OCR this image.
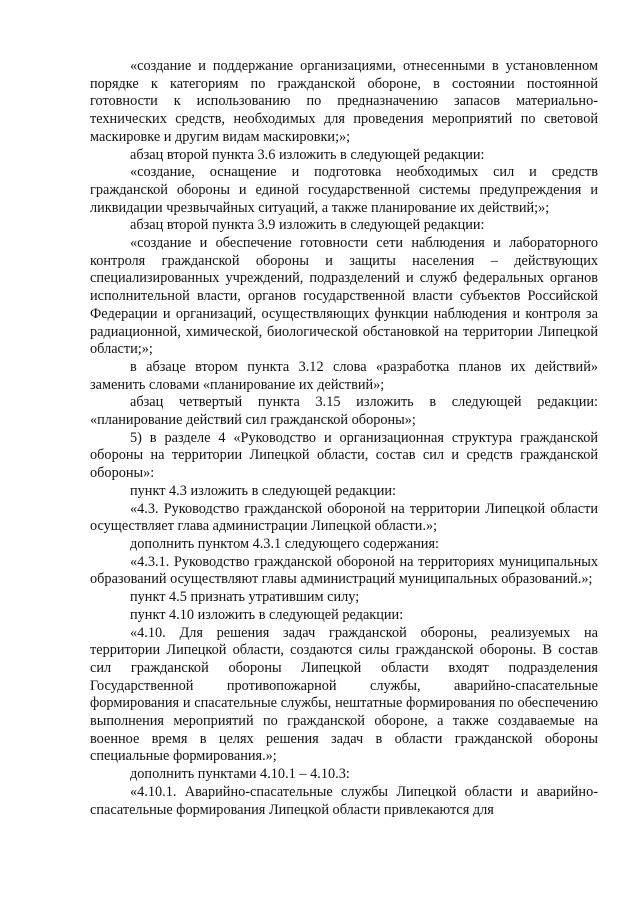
«создание и поддержание организациями, отнесенными в установленном порядке к категориям по гражданской обороне, в состоянии постоянной готовности к использованию по предназначению запасов материально-технических средств, необходимых для проведения мероприятий по световой маскировке и другим видам маскировки;»;

абзац второй пункта 3.6 изложить в следующей редакции:

«создание, оснащение и подготовка необходимых сил и средств гражданской обороны и единой государственной системы предупреждения и ликвидации чрезвычайных ситуаций, а также планирование их действий;»;

абзац второй пункта 3.9 изложить в следующей редакции:

«создание и обеспечение готовности сети наблюдения и лабораторного контроля гражданской обороны и защиты населения – действующих специализированных учреждений, подразделений и служб федеральных органов исполнительной власти, органов государственной власти субъектов Российской Федерации и организаций, осуществляющих функции наблюдения и контроля за радиационной, химической, биологической обстановкой на территории Липецкой области;»;

в абзаце втором пункта 3.12 слова «разработка планов их действий» заменить словами «планирование их действий»;

абзац четвертый пункта 3.15 изложить в следующей редакции: «планирование действий сил гражданской обороны»;

5) в разделе 4 «Руководство и организационная структура гражданской обороны на территории Липецкой области, состав сил и средств гражданской обороны»:

пункт 4.3 изложить в следующей редакции:

«4.3. Руководство гражданской обороной на территории Липецкой области осуществляет глава администрации Липецкой области.»;

дополнить пунктом 4.3.1 следующего содержания:

«4.3.1. Руководство гражданской обороной на территориях муниципальных образований осуществляют главы администраций муниципальных образований.»;

пункт 4.5 признать утратившим силу;

пункт 4.10 изложить в следующей редакции:

«4.10. Для решения задач гражданской обороны, реализуемых на территории Липецкой области, создаются силы гражданской обороны. В состав сил гражданской обороны Липецкой области входят подразделения Государственной противопожарной службы, аварийно-спасательные формирования и спасательные службы, нештатные формирования по обеспечению выполнения мероприятий по гражданской обороне, а также создаваемые на военное время в целях решения задач в области гражданской обороны специальные формирования.»;

дополнить пунктами 4.10.1 – 4.10.3:

«4.10.1. Аварийно-спасательные службы Липецкой области и аварийно-спасательные формирования Липецкой области привлекаются для
